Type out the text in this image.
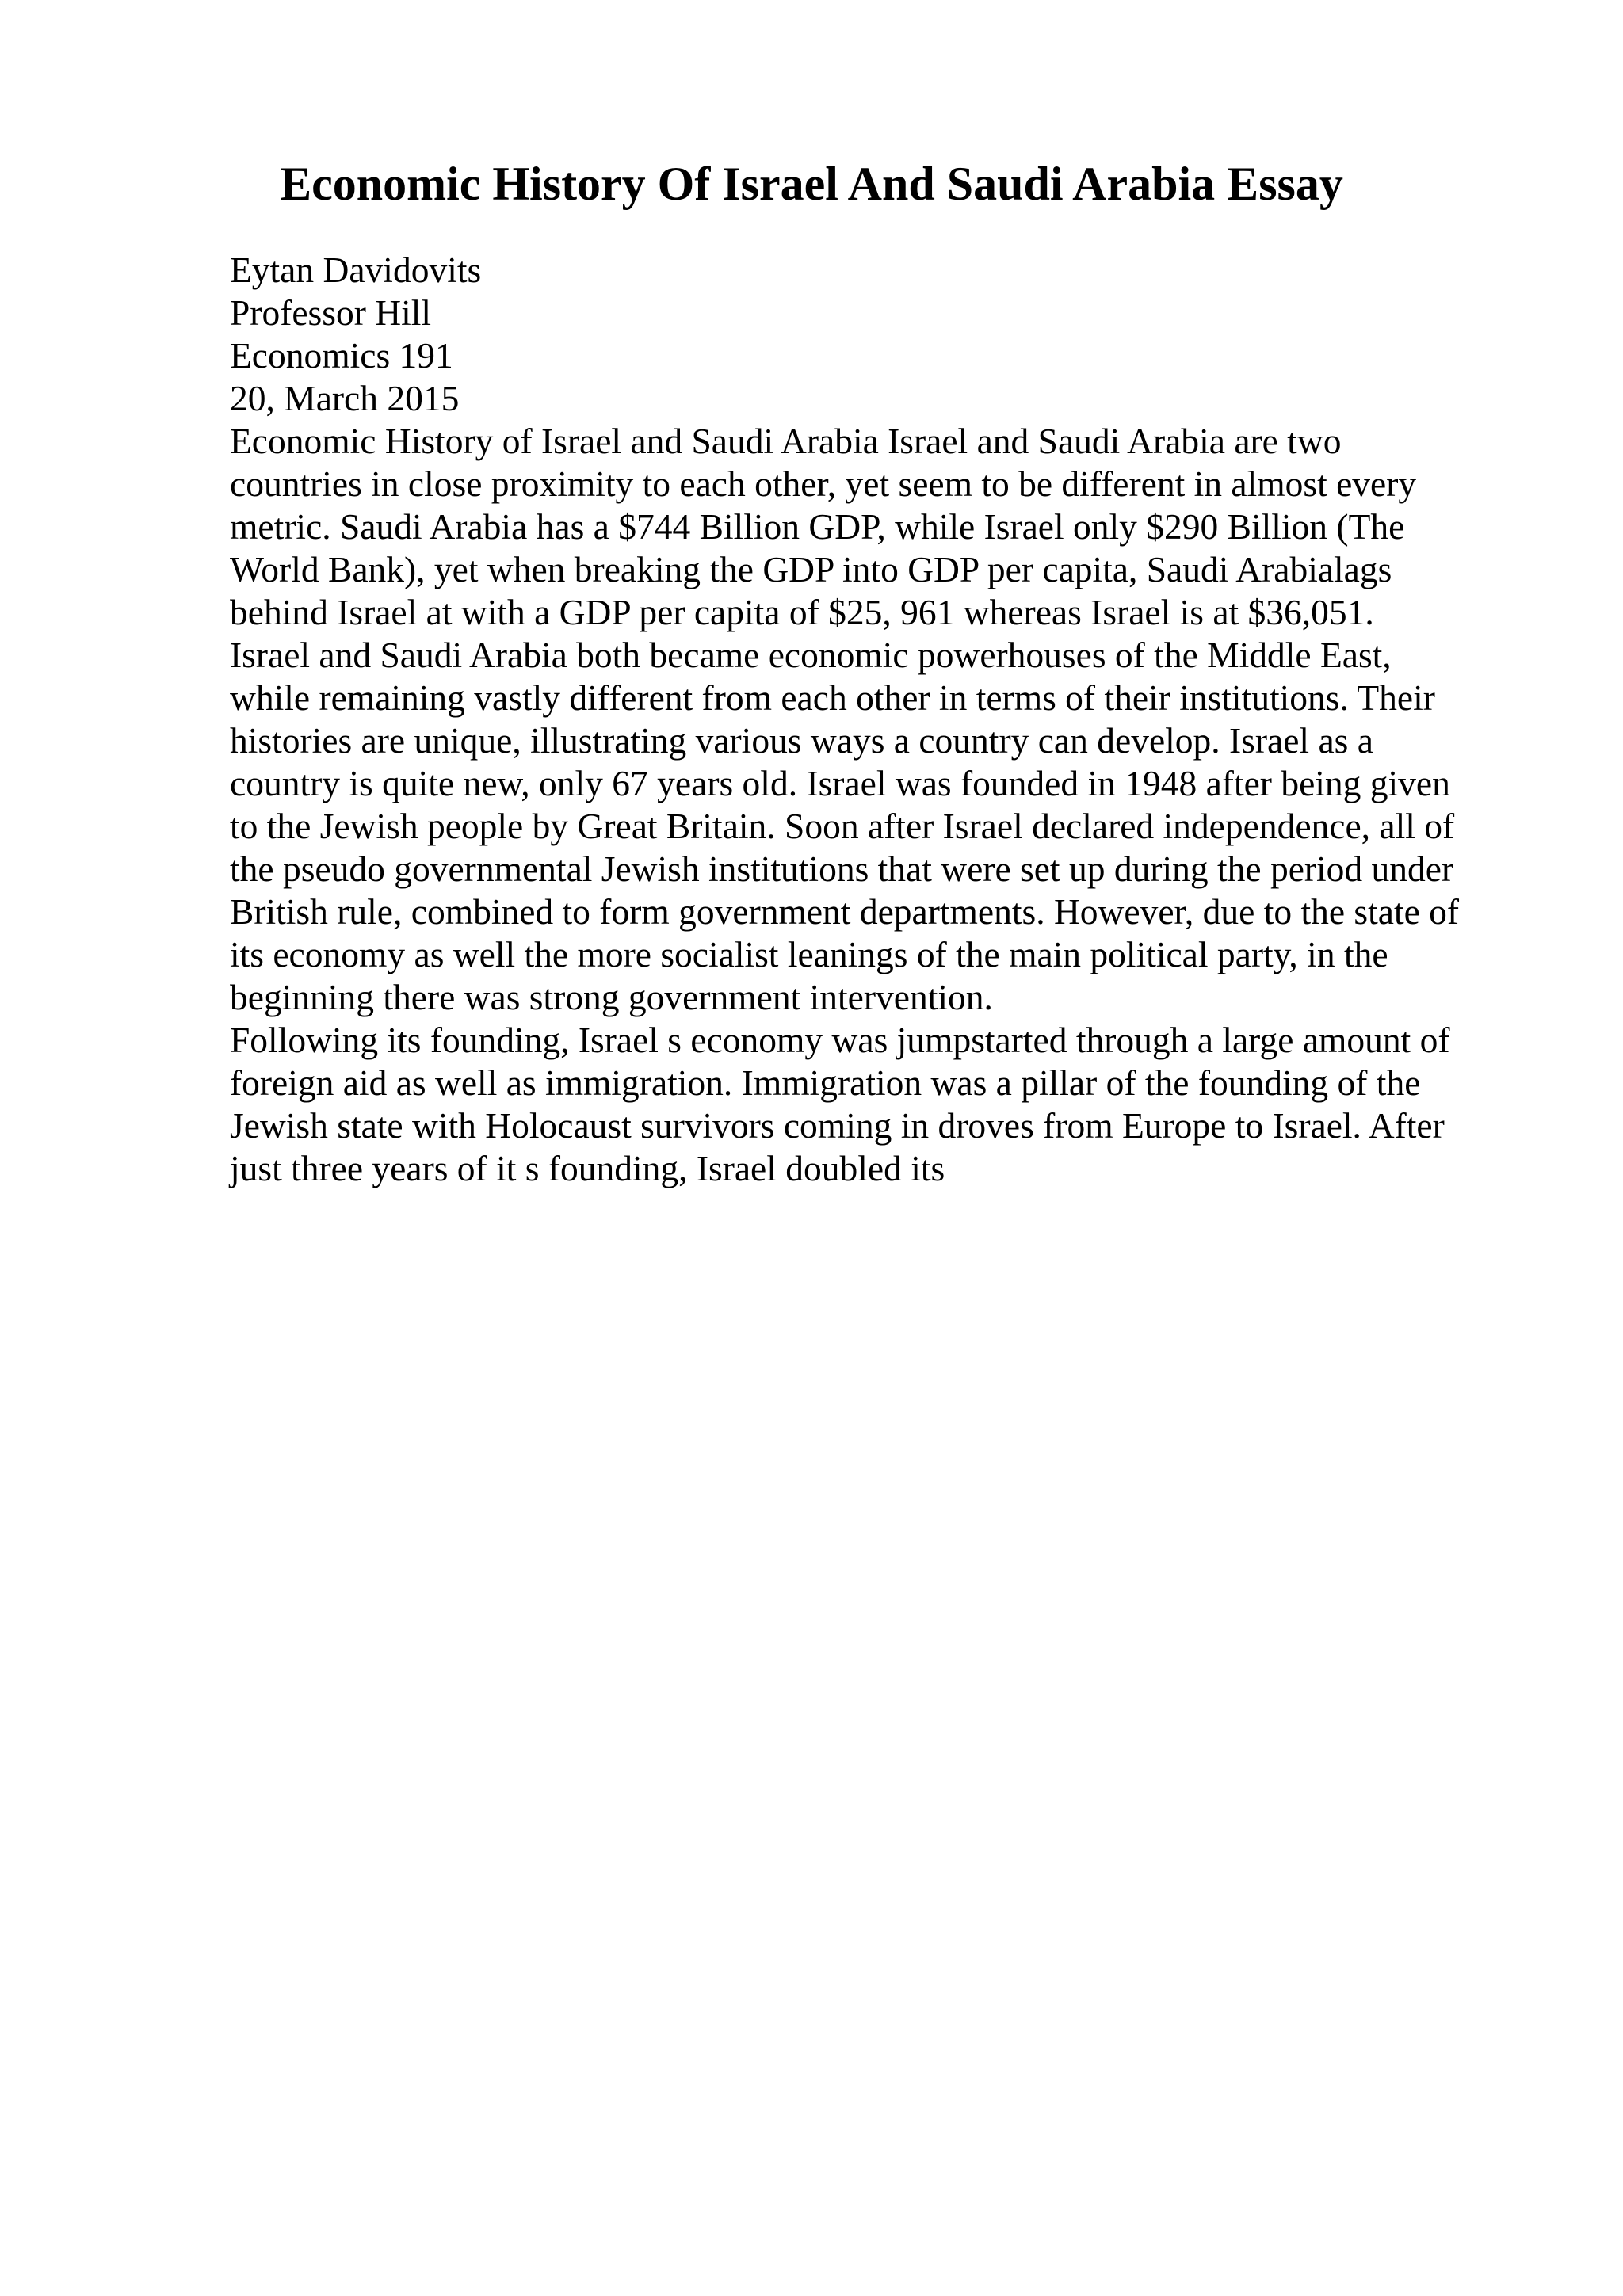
Economic History Of Israel And Saudi Arabia Essay

Eytan Davidovits

Professor Hill

Economics 191

20, March 2015

Economic History of Israel and Saudi Arabia Israel and Saudi Arabia are two

countries in close proximity to each other, yet seem to be different in almost every

metric. Saudi Arabia has a $744 Billion GDP, while Israel only $290 Billion (The

World Bank), yet when breaking the GDP into GDP per capita, Saudi Arabialags

behind Israel at with a GDP per capita of $25, 961 whereas Israel is at $36,051.

Israel and Saudi Arabia both became economic powerhouses of the Middle East,

while remaining vastly different from each other in terms of their institutions. Their

histories are unique, illustrating various ways a country can develop. Israel as a

country is quite new, only 67 years old. Israel was founded in 1948 after being given

to the Jewish people by Great Britain. Soon after Israel declared independence, all of

the pseudo governmental Jewish institutions that were set up during the period under

British rule, combined to form government departments. However, due to the state of

its economy as well the more socialist leanings of the main political party, in the

beginning there was strong government intervention.

Following its founding, Israel s economy was jumpstarted through a large amount of

foreign aid as well as immigration. Immigration was a pillar of the founding of the

Jewish state with Holocaust survivors coming in droves from Europe to Israel. After

just three years of it s founding, Israel doubled its
